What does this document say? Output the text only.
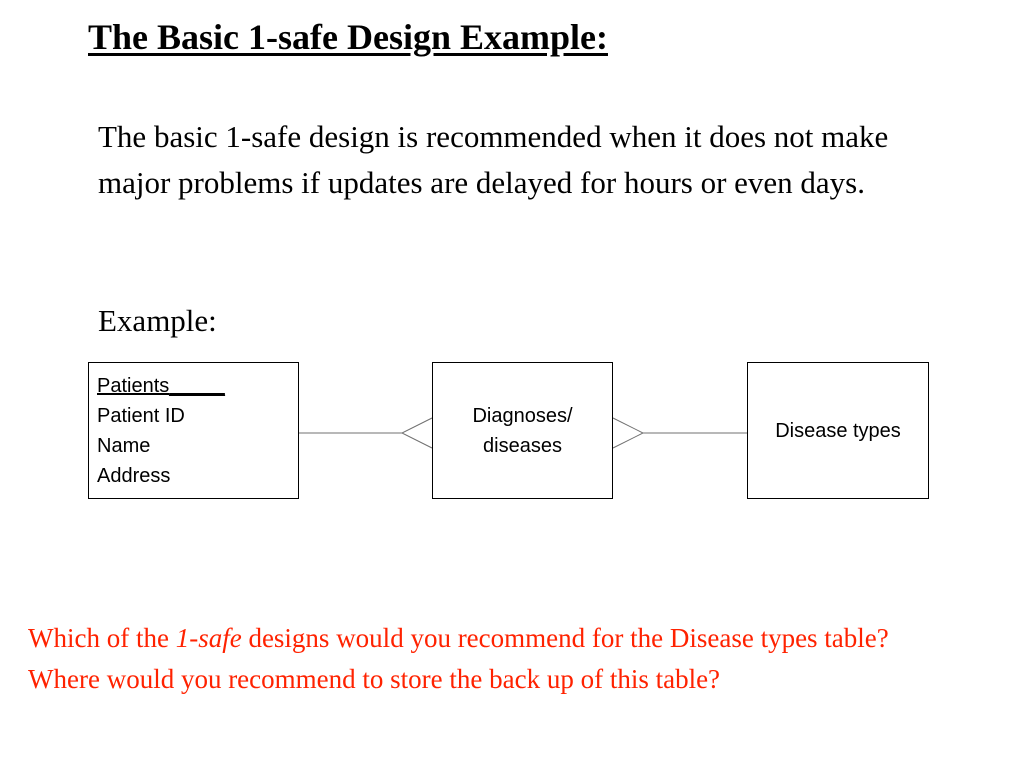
The Basic 1-safe Design Example:

The basic 1-safe design is recommended when it does not make major problems if updates are delayed for hours or even days.

Example:

Patients_____
Patient ID
Name
Address
Diagnoses/
diseases
Disease types

Which of the 1-safe designs would you recommend for the Disease types table?

Where would you recommend to store the back up of this table?
